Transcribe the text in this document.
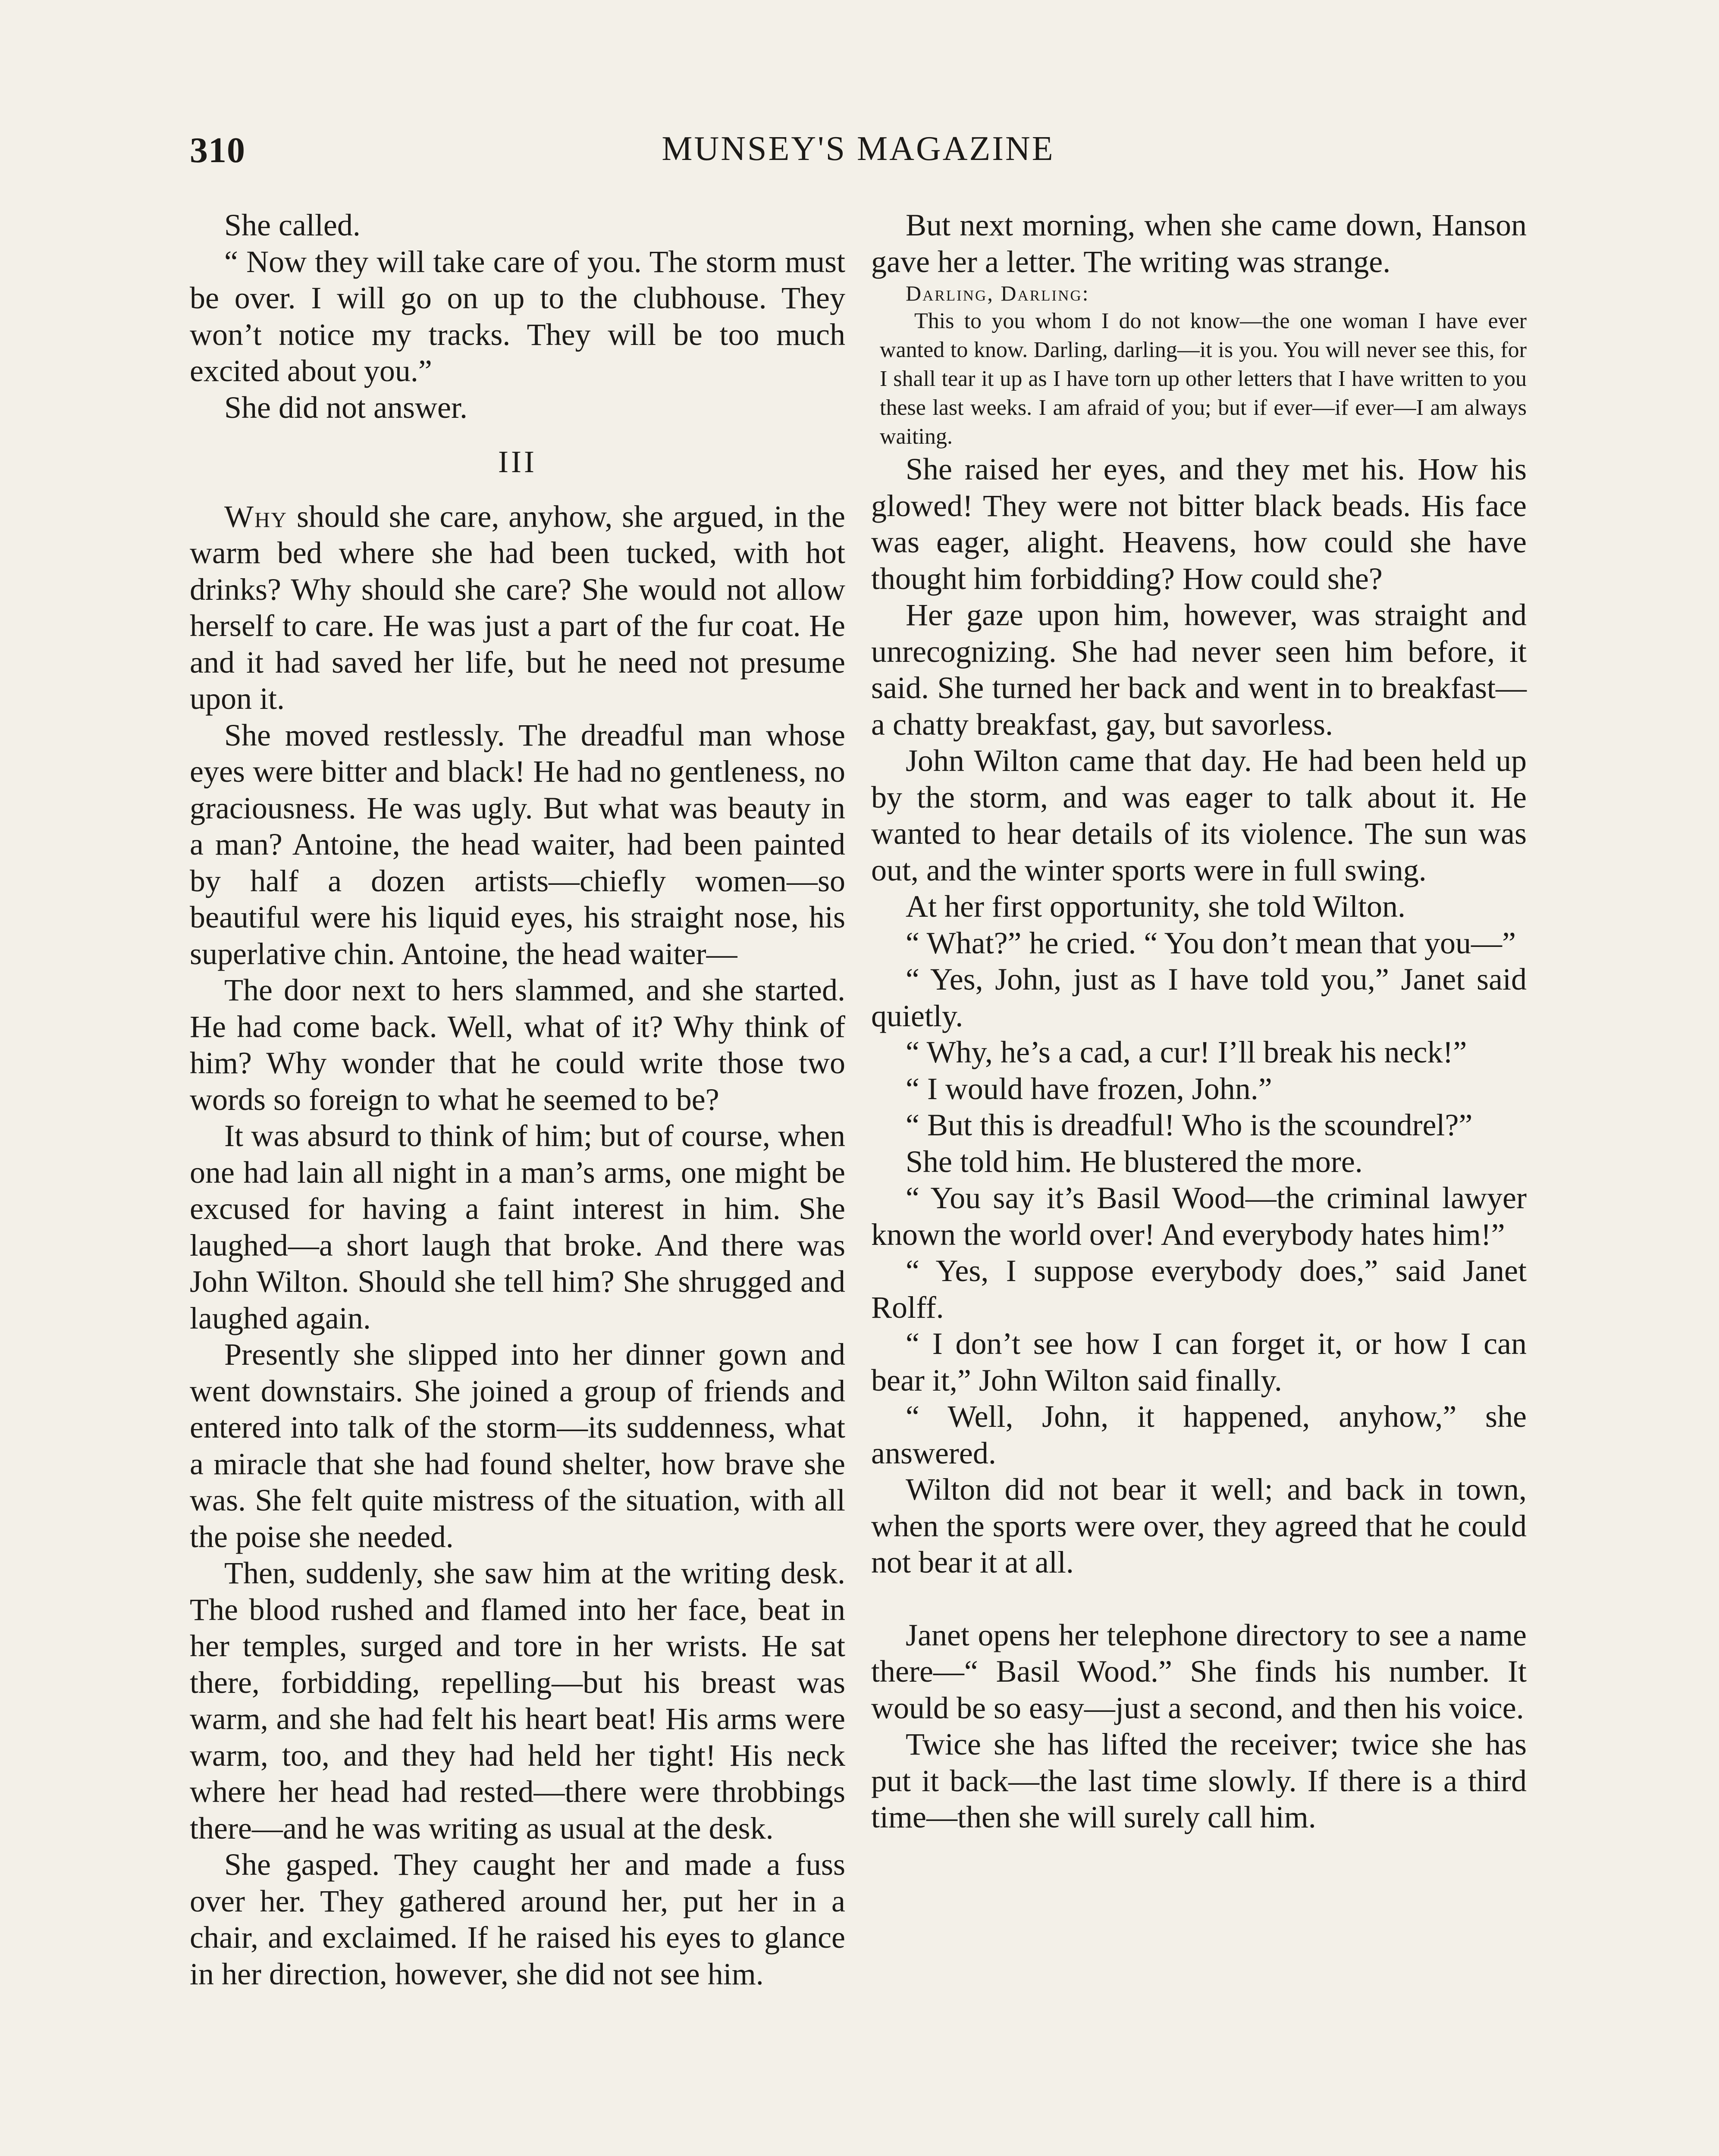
310	MUNSEY'S MAGAZINE

She called.

“ Now they will take care of you. The storm must be over. I will go on up to the clubhouse. They won’t notice my tracks. They will be too much excited about you.”

She did not answer.

III

Why should she care, anyhow, she argued, in the warm bed where she had been tucked, with hot drinks? Why should she care? She would not allow herself to care. He was just a part of the fur coat. He and it had saved her life, but he need not presume upon it.

She moved restlessly. The dreadful man whose eyes were bitter and black! He had no gentleness, no graciousness. He was ugly. But what was beauty in a man? Antoine, the head waiter, had been painted by half a dozen artists—chiefly women—so beautiful were his liquid eyes, his straight nose, his superlative chin. Antoine, the head waiter—

The door next to hers slammed, and she started. He had come back. Well, what of it? Why think of him? Why wonder that he could write those two words so foreign to what he seemed to be?

It was absurd to think of him; but of course, when one had lain all night in a man’s arms, one might be excused for having a faint interest in him. She laughed—a short laugh that broke. And there was John Wilton. Should she tell him? She shrugged and laughed again.

Presently she slipped into her dinner gown and went downstairs. She joined a group of friends and entered into talk of the storm—its suddenness, what a miracle that she had found shelter, how brave she was. She felt quite mistress of the situation, with all the poise she needed.

Then, suddenly, she saw him at the writing desk. The blood rushed and flamed into her face, beat in her temples, surged and tore in her wrists. He sat there, forbidding, repelling—but his breast was warm, and she had felt his heart beat! His arms were warm, too, and they had held her tight! His neck where her head had rested—there were throbbings there—and he was writing as usual at the desk.

She gasped. They caught her and made a fuss over her. They gathered around her, put her in a chair, and exclaimed. If he raised his eyes to glance in her direction, however, she did not see him.

But next morning, when she came down, Hanson gave her a letter. The writing was strange.

Darling, Darling:

This to you whom I do not know—the one woman I have ever wanted to know. Darling, darling—it is you. You will never see this, for I shall tear it up as I have torn up other letters that I have written to you these last weeks. I am afraid of you; but if ever—if ever—I am always waiting.

She raised her eyes, and they met his. How his glowed! They were not bitter black beads. His face was eager, alight. Heavens, how could she have thought him forbidding? How could she?

Her gaze upon him, however, was straight and unrecognizing. She had never seen him before, it said. She turned her back and went in to breakfast—a chatty breakfast, gay, but savorless.

John Wilton came that day. He had been held up by the storm, and was eager to talk about it. He wanted to hear details of its violence. The sun was out, and the winter sports were in full swing.

At her first opportunity, she told Wilton.

“ What?” he cried. “ You don’t mean that you—”

“ Yes, John, just as I have told you,” Janet said quietly.

“ Why, he’s a cad, a cur! I’ll break his neck!”

“ I would have frozen, John.”

“ But this is dreadful! Who is the scoundrel?”

She told him. He blustered the more.

“ You say it’s Basil Wood—the criminal lawyer known the world over! And everybody hates him!”

“ Yes, I suppose everybody does,” said Janet Rolff.

“ I don’t see how I can forget it, or how I can bear it,” John Wilton said finally.

“ Well, John, it happened, anyhow,” she answered.

Wilton did not bear it well; and back in town, when the sports were over, they agreed that he could not bear it at all.

Janet opens her telephone directory to see a name there—“ Basil Wood.” She finds his number. It would be so easy—just a second, and then his voice.

Twice she has lifted the receiver; twice she has put it back—the last time slowly. If there is a third time—then she will surely call him.
